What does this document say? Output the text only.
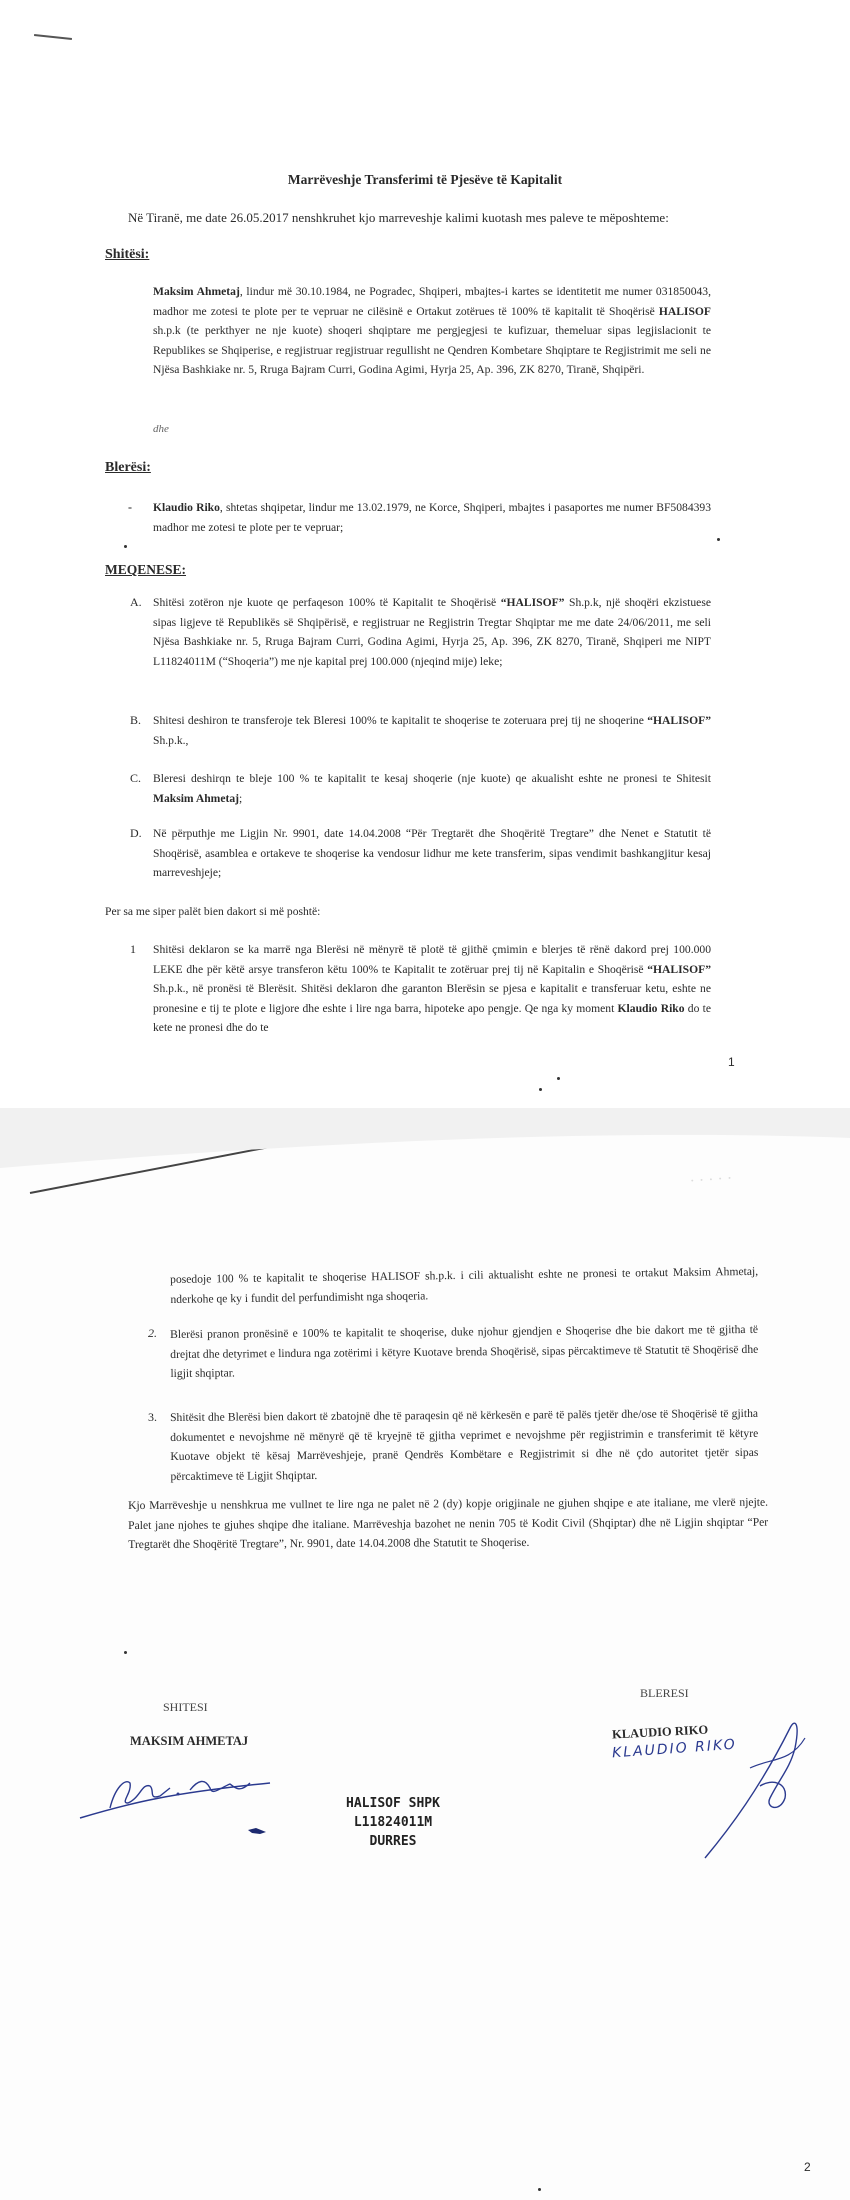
Marrëveshje Transferimi të Pjesëve të Kapitalit
Në Tiranë, me date 26.05.2017 nenshkruhet kjo marreveshje kalimi kuotash mes paleve te mëposhteme:
Shitësi:
Maksim Ahmetaj, lindur më 30.10.1984, ne Pogradec, Shqiperi, mbajtes-i kartes se identitetit me numer 031850043, madhor me zotesi te plote per te vepruar ne cilësinë e Ortakut zotërues të 100% të kapitalit të Shoqërisë HALISOF sh.p.k (te perkthyer ne nje kuote) shoqeri shqiptare me pergjegjesi te kufizuar, themeluar sipas legjislacionit te Republikes se Shqiperise, e regjistruar regjistruar regullisht ne Qendren Kombetare Shqiptare te Regjistrimit me seli ne Njësa Bashkiake nr. 5, Rruga Bajram Curri, Godina Agimi, Hyrja 25, Ap. 396, ZK 8270, Tiranë, Shqipëri.
dhe
Blerësi:
- Klaudio Riko, shtetas shqipetar, lindur me 13.02.1979, ne Korce, Shqiperi, mbajtes i pasaportes me numer BF5084393 madhor me zotesi te plote per te vepruar;
MEQENESE:
A. Shitësi zotëron nje kuote qe perfaqeson 100% të Kapitalit te Shoqërisë “HALISOF” Sh.p.k, një shoqëri ekzistuese sipas ligjeve të Republikës së Shqipërisë, e regjistruar ne Regjistrin Tregtar Shqiptar me me date 24/06/2011, me seli Njësa Bashkiake nr. 5, Rruga Bajram Curri, Godina Agimi, Hyrja 25, Ap. 396, ZK 8270, Tiranë, Shqiperi me NIPT L11824011M (“Shoqeria”) me nje kapital prej 100.000 (njeqind mije) leke;
B. Shitesi deshiron te transferoje tek Bleresi 100% te kapitalit te shoqerise te zoteruara prej tij ne shoqerine “HALISOF” Sh.p.k.,
C. Bleresi deshirqn te bleje 100 % te kapitalit te kesaj shoqerie (nje kuote) qe akualisht eshte ne pronesi te Shitesit Maksim Ahmetaj;
D. Në përputhje me Ligjin Nr. 9901, date 14.04.2008 “Për Tregtarët dhe Shoqëritë Tregtare” dhe Nenet e Statutit të Shoqërisë, asamblea e ortakeve te shoqerise ka vendosur lidhur me kete transferim, sipas vendimit bashkangjitur kesaj marreveshjeje;
Per sa me siper palët bien dakort si më poshtë:
1 Shitësi deklaron se ka marrë nga Blerësi në mënyrë të plotë të gjithë çmimin e blerjes të rënë dakord prej 100.000 LEKE dhe për këtë arsye transferon këtu 100% te Kapitalit te zotëruar prej tij në Kapitalin e Shoqërisë “HALISOF” Sh.p.k., në pronësi të Blerësit. Shitësi deklaron dhe garanton Blerësin se pjesa e kapitalit e transferuar ketu, eshte ne pronesine e tij te plote e ligjore dhe eshte i lire nga barra, hipoteke apo pengje. Qe nga ky moment Klaudio Riko do te kete ne pronesi dhe do te
1
· · · · ·
posedoje 100 % te kapitalit te shoqerise HALISOF sh.p.k. i cili aktualisht eshte ne pronesi te ortakut Maksim Ahmetaj, nderkohe qe ky i fundit del perfundimisht nga shoqeria.
2. Blerësi pranon pronësinë e 100% te kapitalit te shoqerise, duke njohur gjendjen e Shoqerise dhe bie dakort me të gjitha të drejtat dhe detyrimet e lindura nga zotërimi i këtyre Kuotave brenda Shoqërisë, sipas përcaktimeve të Statutit të Shoqërisë dhe ligjit shqiptar.
3. Shitësit dhe Blerësi bien dakort të zbatojnë dhe të paraqesin që në kërkesën e parë të palës tjetër dhe/ose të Shoqërisë të gjitha dokumentet e nevojshme në mënyrë që të kryejnë të gjitha veprimet e nevojshme për regjistrimin e transferimit të këtyre Kuotave objekt të kësaj Marrëveshjeje, pranë Qendrës Kombëtare e Regjistrimit si dhe në çdo autoritet tjetër sipas përcaktimeve të Ligjit Shqiptar.
Kjo Marrëveshje u nenshkrua me vullnet te lire nga ne palet në 2 (dy) kopje origjinale ne gjuhen shqipe e ate italiane, me vlerë njejte. Palet jane njohes te gjuhes shqipe dhe italiane. Marrëveshja bazohet ne nenin 705 të Kodit Civil (Shqiptar) dhe në Ligjin shqiptar “Per Tregtarët dhe Shoqëritë Tregtare”, Nr. 9901, date 14.04.2008 dhe Statutit te Shoqerise.
SHITESI
MAKSIM AHMETAJ
BLERESI
KLAUDIO RIKO
KLAUDIO RIKO
HALISOF SHPK
L11824011M
DURRES
2
